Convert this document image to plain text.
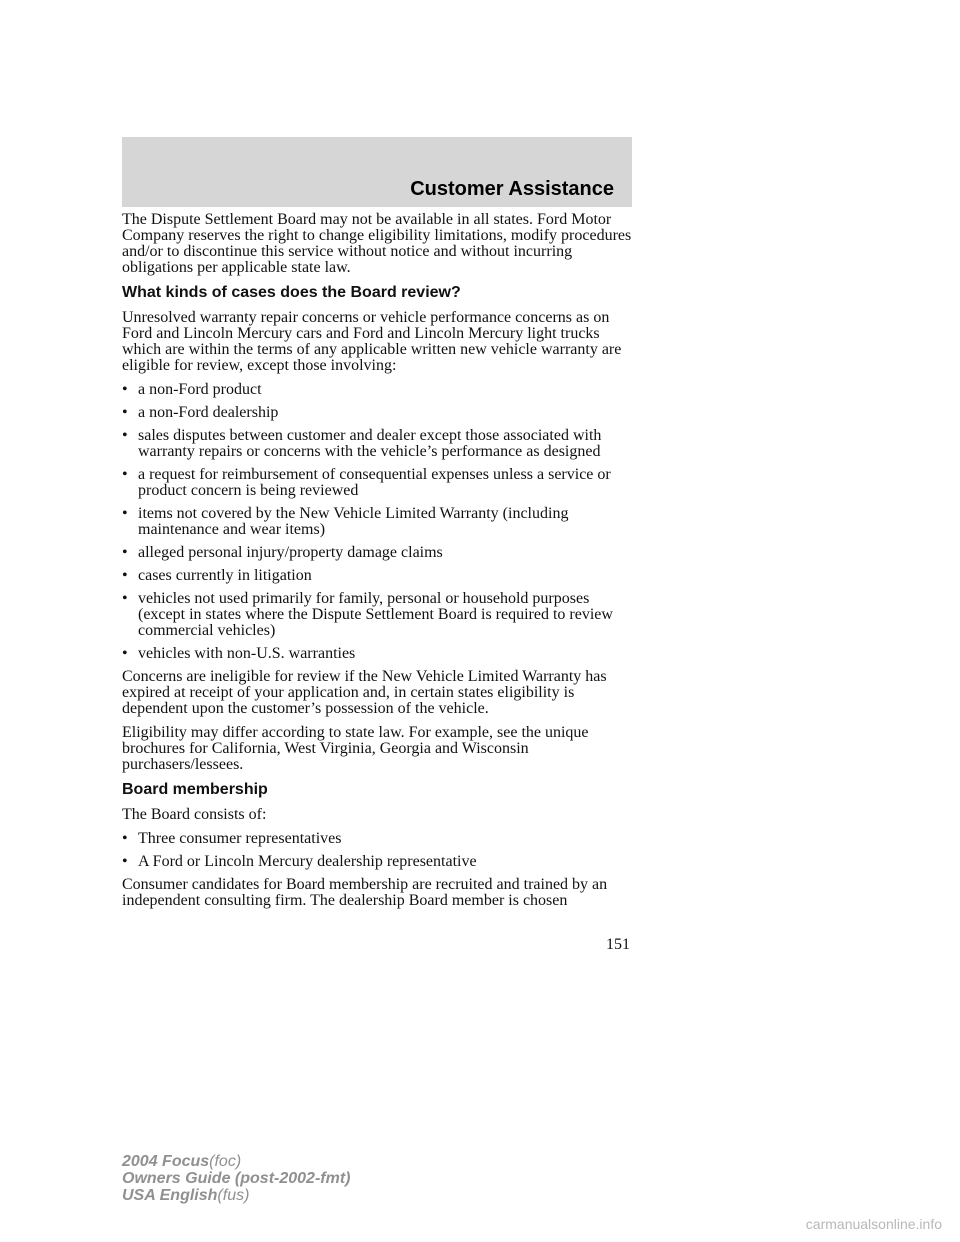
Customer Assistance

The Dispute Settlement Board may not be available in all states. Ford Motor Company reserves the right to change eligibility limitations, modify procedures and/or to discontinue this service without notice and without incurring obligations per applicable state law.

What kinds of cases does the Board review?

Unresolved warranty repair concerns or vehicle performance concerns as on Ford and Lincoln Mercury cars and Ford and Lincoln Mercury light trucks which are within the terms of any applicable written new vehicle warranty are eligible for review, except those involving:

• a non-Ford product
• a non-Ford dealership
• sales disputes between customer and dealer except those associated with warranty repairs or concerns with the vehicle’s performance as designed
• a request for reimbursement of consequential expenses unless a service or product concern is being reviewed
• items not covered by the New Vehicle Limited Warranty (including maintenance and wear items)
• alleged personal injury/property damage claims
• cases currently in litigation
• vehicles not used primarily for family, personal or household purposes (except in states where the Dispute Settlement Board is required to review commercial vehicles)
• vehicles with non-U.S. warranties

Concerns are ineligible for review if the New Vehicle Limited Warranty has expired at receipt of your application and, in certain states eligibility is dependent upon the customer’s possession of the vehicle.

Eligibility may differ according to state law. For example, see the unique brochures for California, West Virginia, Georgia and Wisconsin purchasers/lessees.

Board membership

The Board consists of:

• Three consumer representatives
• A Ford or Lincoln Mercury dealership representative

Consumer candidates for Board membership are recruited and trained by an independent consulting firm. The dealership Board member is chosen

151
2004 Focus(foc)
Owners Guide (post-2002-fmt)
USA English(fus)
carmanualsonline.info
